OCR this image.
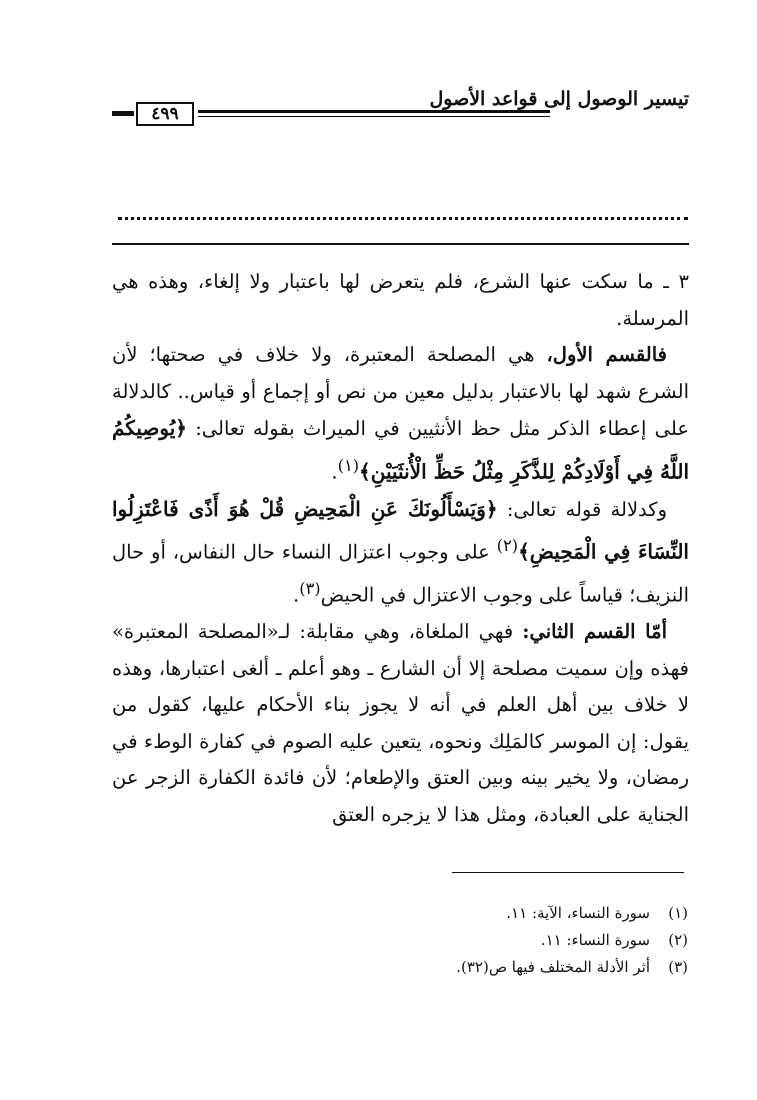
٤٩٩
تيسير الوصول إلى قواعد الأصول

٣ ـ ما سكت عنها الشرع، فلم يتعرض لها باعتبار ولا إلغاء، وهذه هي المرسلة.

فالقسم الأول، هي المصلحة المعتبرة، ولا خلاف في صحتها؛ لأن الشرع شهد لها بالاعتبار بدليل معين من نص أو إجماع أو قياس.. كالدلالة على إعطاء الذكر مثل حظ الأنثيين في الميراث بقوله تعالى: ﴿يُوصِيكُمُ اللَّهُ فِي أَوْلَادِكُمْ لِلذَّكَرِ مِثْلُ حَظِّ الْأُنثَيَيْنِ﴾$^{(١)}$.

وكدلالة قوله تعالى: ﴿وَيَسْأَلُونَكَ عَنِ الْمَحِيضِ قُلْ هُوَ أَذًى فَاعْتَزِلُوا النِّسَاءَ فِي الْمَحِيضِ﴾$^{(٢)}$ على وجوب اعتزال النساء حال النفاس، أو حال النزيف؛ قياساً على وجوب الاعتزال في الحيض$^{(٣)}$.

أمّا القسم الثاني: فهي الملغاة، وهي مقابلة: لـ«المصلحة المعتبرة» فهذه وإن سميت مصلحة إلا أن الشارع ـ وهو أعلم ـ ألغى اعتبارها، وهذه لا خلاف بين أهل العلم في أنه لا يجوز بناء الأحكام عليها، كقول من يقول: إن الموسر كالمَلِك ونحوه، يتعين عليه الصوم في كفارة الوطء في رمضان، ولا يخير بينه وبين العتق والإطعام؛ لأن فائدة الكفارة الزجر عن الجناية على العبادة، ومثل هذا لا يزجره العتق

(١)سورة النساء، الآية: ١١.
(٢)سورة النساء: ١١.
(٣)أثر الأدلة المختلف فيها ص(٣٢).
